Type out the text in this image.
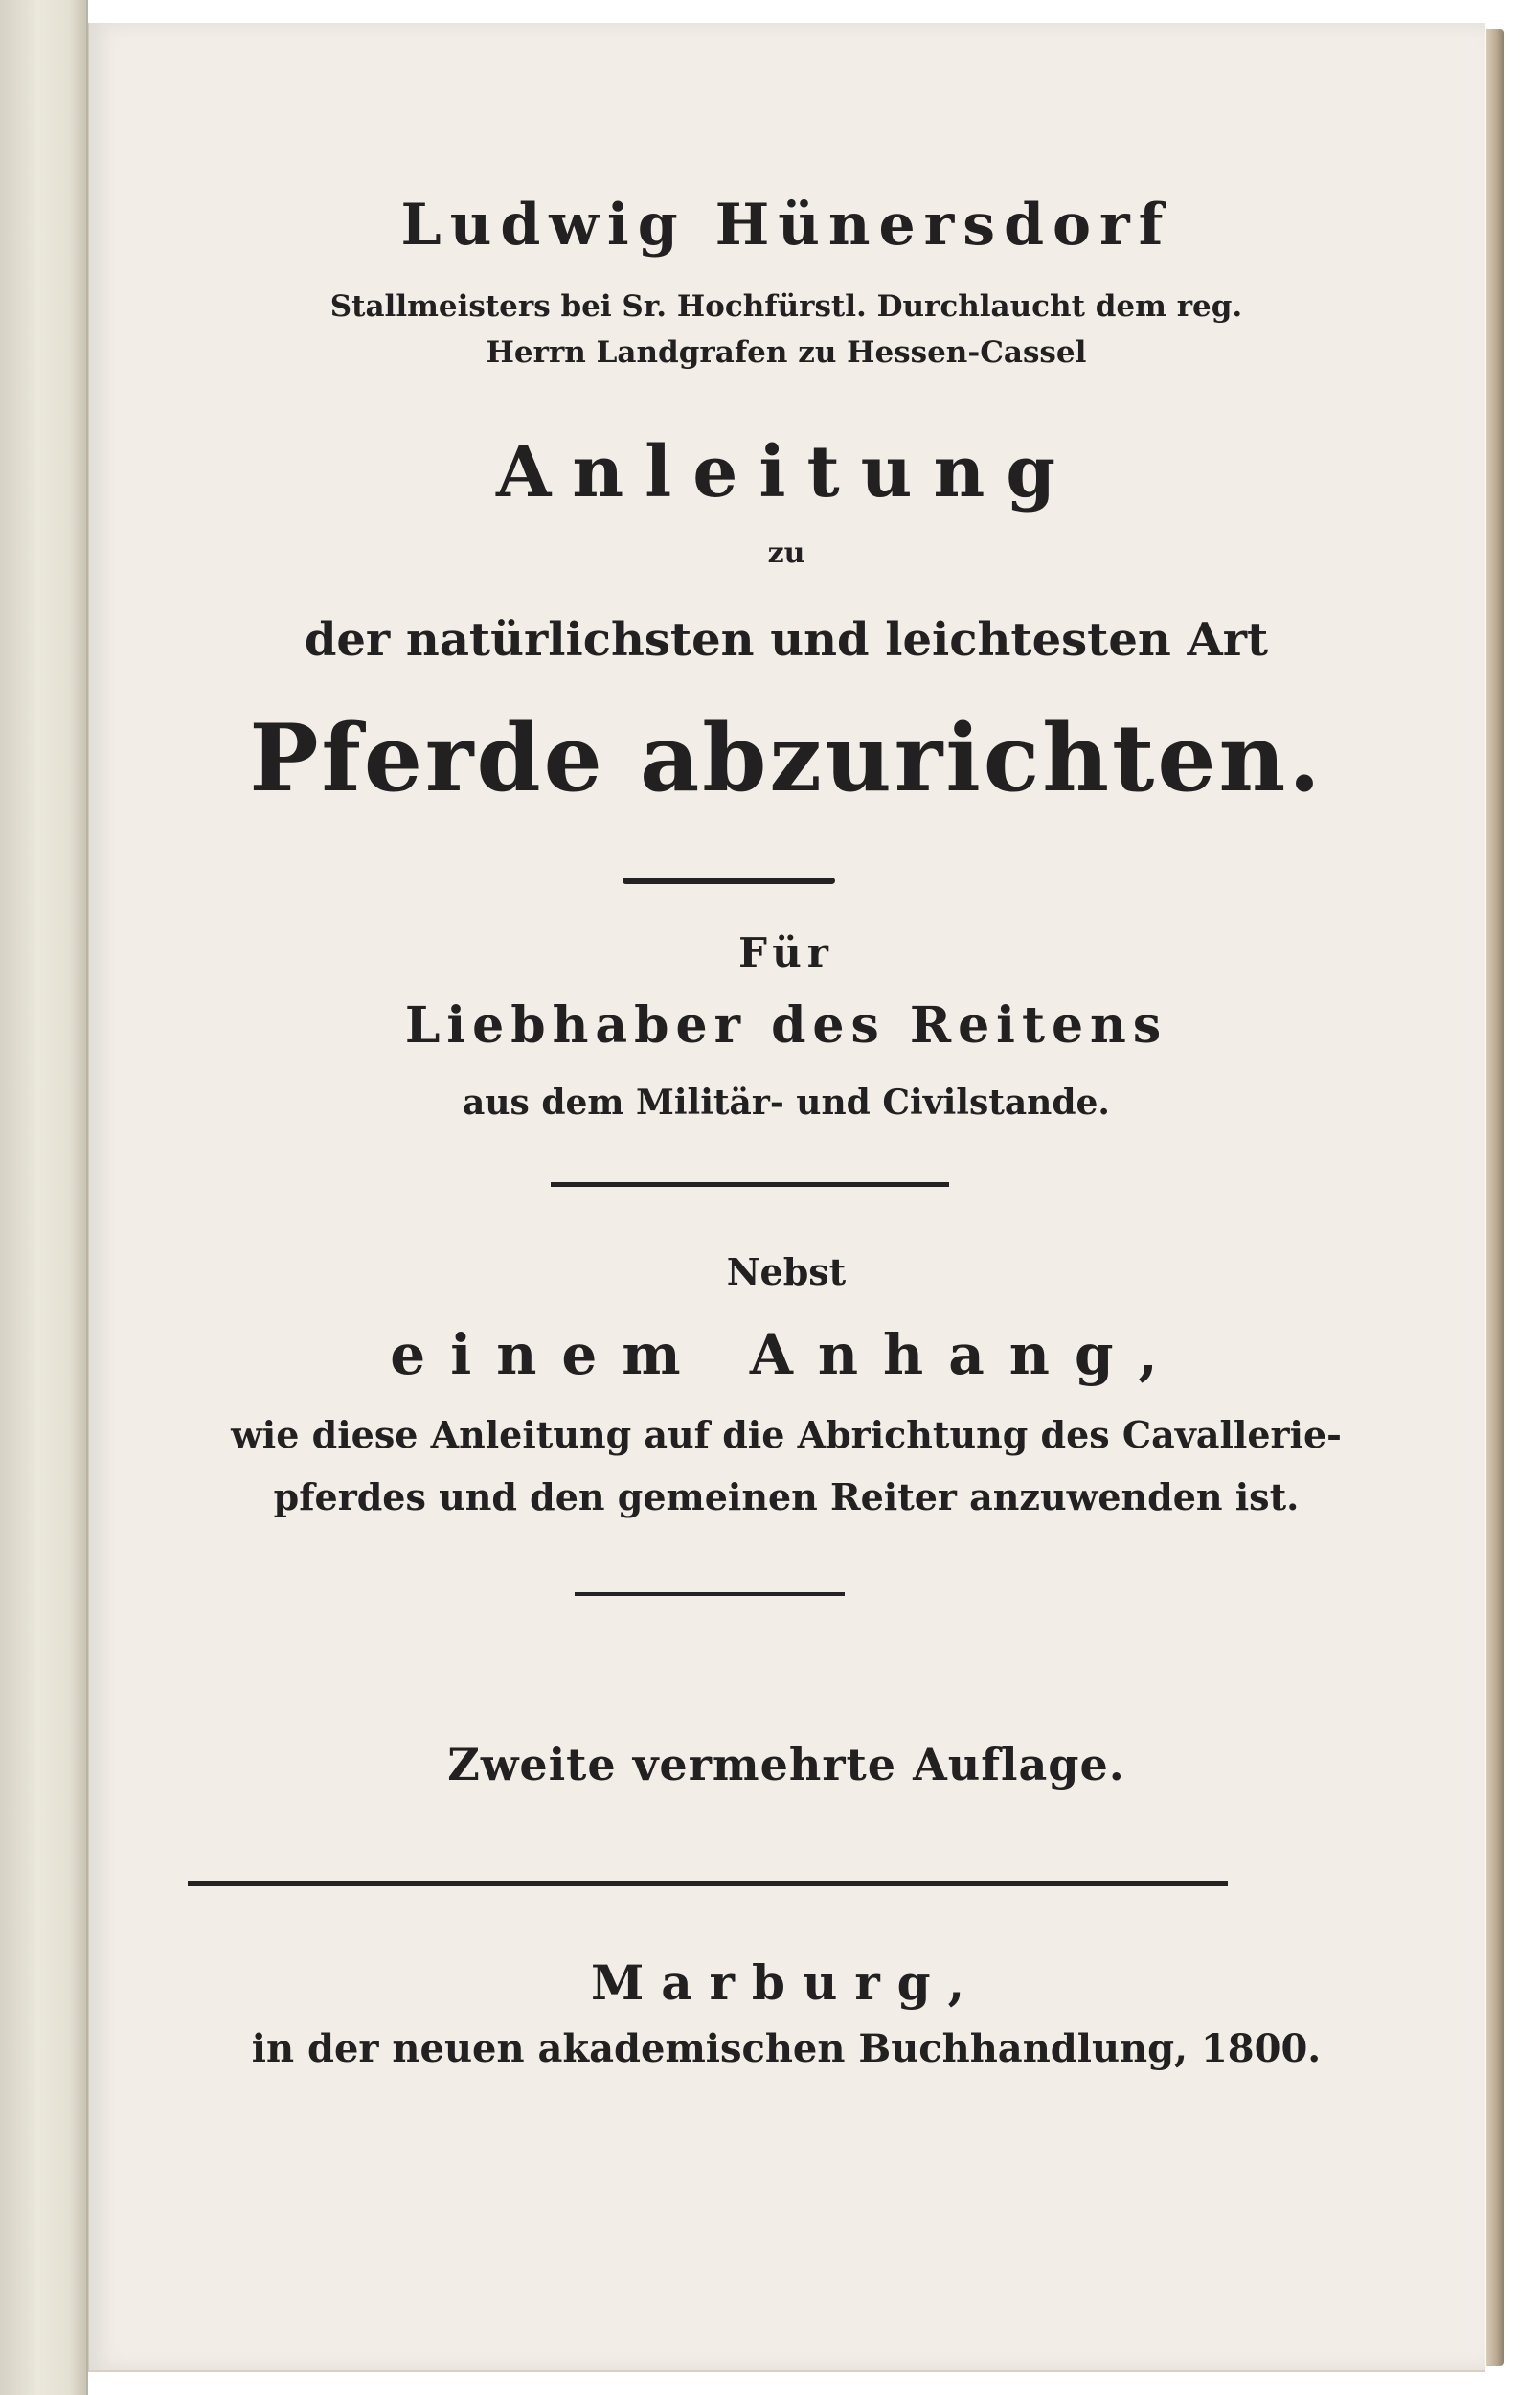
Ludwig Hünersdorf
Stallmeisters bei Sr. Hochfürstl. Durchlaucht dem reg.
Herrn Landgrafen zu Hessen-Cassel
Anleitung
zu
der natürlichsten und leichtesten Art
Pferde abzurichten.
Für
Liebhaber des Reitens
aus dem Militär- und Civilstande.
Nebst
einem Anhang,
wie diese Anleitung auf die Abrichtung des Cavallerie-
pferdes und den gemeinen Reiter anzuwenden ist.
Zweite vermehrte Auflage.
Marburg,
in der neuen akademischen Buchhandlung, 1800.
